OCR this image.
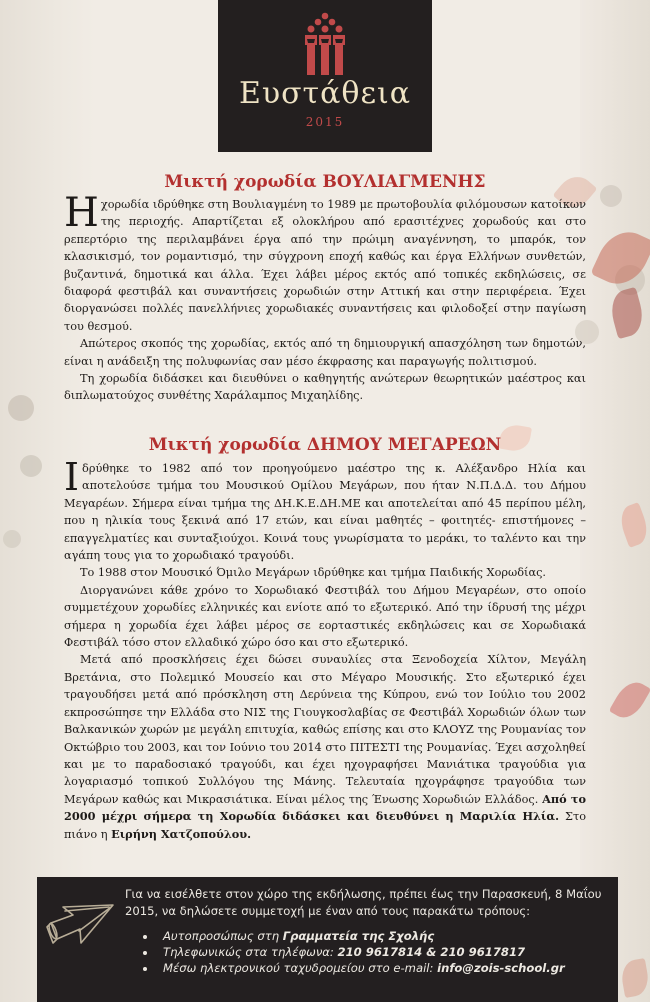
Ευστάθεια
2015
Μικτή χορωδία ΒΟΥΛΙΑΓΜΕΝΗΣ

Η χορωδία ιδρύθηκε στη Βουλιαγμένη το 1989 με πρωτοβουλία φιλόμουσων κατοίκων της περιοχής. Απαρτίζεται εξ ολοκλήρου από ερασιτέχνες χορωδούς και στο ρεπερτόριο της περιλαμβάνει έργα από την πρώιμη αναγέννηση, το μπαρόκ, τον κλασικισμό, τον ρομαντισμό, την σύγχρονη εποχή καθώς και έργα Ελλήνων συνθετών, βυζαντινά, δημοτικά και άλλα. Έχει λάβει μέρος εκτός από τοπικές εκδηλώσεις, σε διαφορά φεστιβάλ και συναντήσεις χορωδιών στην Αττική και στην περιφέρεια. Έχει διοργανώσει πολλές πανελλήνιες χορωδιακές συναντήσεις και φιλοδοξεί στην παγίωση του θεσμού.

Απώτερος σκοπός της χορωδίας, εκτός από τη δημιουργική απασχόληση των δημοτών, είναι η ανάδειξη της πολυφωνίας σαν μέσο έκφρασης και παραγωγής πολιτισμού.

Τη χορωδία διδάσκει και διευθύνει ο καθηγητής ανώτερων θεωρητικών μαέστρος και διπλωματούχος συνθέτης Χαράλαμπος Μιχαηλίδης.

Μικτή χορωδία ΔΗΜΟΥ ΜΕΓΑΡΕΩΝ

Ιδρύθηκε το 1982 από τον προηγούμενο μαέστρο της κ. Αλέξανδρο Ηλία και αποτελούσε τμήμα του Μουσικού Ομίλου Μεγάρων, που ήταν Ν.Π.Δ.Δ. του Δήμου Μεγαρέων. Σήμερα είναι τμήμα της ΔΗ.Κ.Ε.ΔΗ.ΜΕ και αποτελείται από 45 περίπου μέλη, που η ηλικία τους ξεκινά από 17 ετών, και είναι μαθητές – φοιτητές- επιστήμονες – επαγγελματίες και συνταξιούχοι. Κοινά τους γνωρίσματα το μεράκι, το ταλέντο και την αγάπη τους για το χορωδιακό τραγούδι.

Το 1988 στον Μουσικό Όμιλο Μεγάρων ιδρύθηκε και τμήμα Παιδικής Χορωδίας.

Διοργανώνει κάθε χρόνο το Χορωδιακό Φεστιβάλ του Δήμου Μεγαρέων, στο οποίο συμμετέχουν χορωδίες ελληνικές και ενίοτε από το εξωτερικό. Από την ίδρυσή της μέχρι σήμερα η χορωδία έχει λάβει μέρος σε εορταστικές εκδηλώσεις και σε Χορωδιακά Φεστιβάλ τόσο στον ελλαδικό χώρο όσο και στο εξωτερικό.

Μετά από προσκλήσεις έχει δώσει συναυλίες στα Ξενοδοχεία Χίλτον, Μεγάλη Βρετάνια, στο Πολεμικό Μουσείο και στο Μέγαρο Μουσικής. Στο εξωτερικό έχει τραγουδήσει μετά από πρόσκληση στη Δερύνεια της Κύπρου, ενώ τον Ιούλιο του 2002 εκπροσώπησε την Ελλάδα στο ΝΙΣ της Γιουγκοσλαβίας σε Φεστιβάλ Χορωδιών όλων των Βαλκανικών χωρών με μεγάλη επιτυχία, καθώς επίσης και στο ΚΛΟΥΖ της Ρουμανίας τον Οκτώβριο του 2003, και τον Ιούνιο του 2014 στο ΠΙΤΕΣΤΙ της Ρουμανίας. Έχει ασχοληθεί και με το παραδοσιακό τραγούδι, και έχει ηχογραφήσει Μανιάτικα τραγούδια για λογαριασμό τοπικού Συλλόγου της Μάνης. Τελευταία ηχογράφησε τραγούδια των Μεγάρων καθώς και Μικρασιάτικα. Είναι μέλος της Ένωσης Χορωδιών Ελλάδος. Από το 2000 μέχρι σήμερα τη Χορωδία διδάσκει και διευθύνει η Μαριλία Ηλία. Στο πιάνο η Ειρήνη Χατζοπούλου.

Για να εισέλθετε στον χώρο της εκδήλωσης, πρέπει έως την Παρασκευή, 8 Μαΐου 2015, να δηλώσετε συμμετοχή με έναν από τους παρακάτω τρόπους:
• Αυτοπροσώπως στη Γραμματεία της Σχολής
• Τηλεφωνικώς στα τηλέφωνα: 210 9617814 & 210 9617817
• Μέσω ηλεκτρονικού ταχυδρομείου στο e-mail: info@zois-school.gr
